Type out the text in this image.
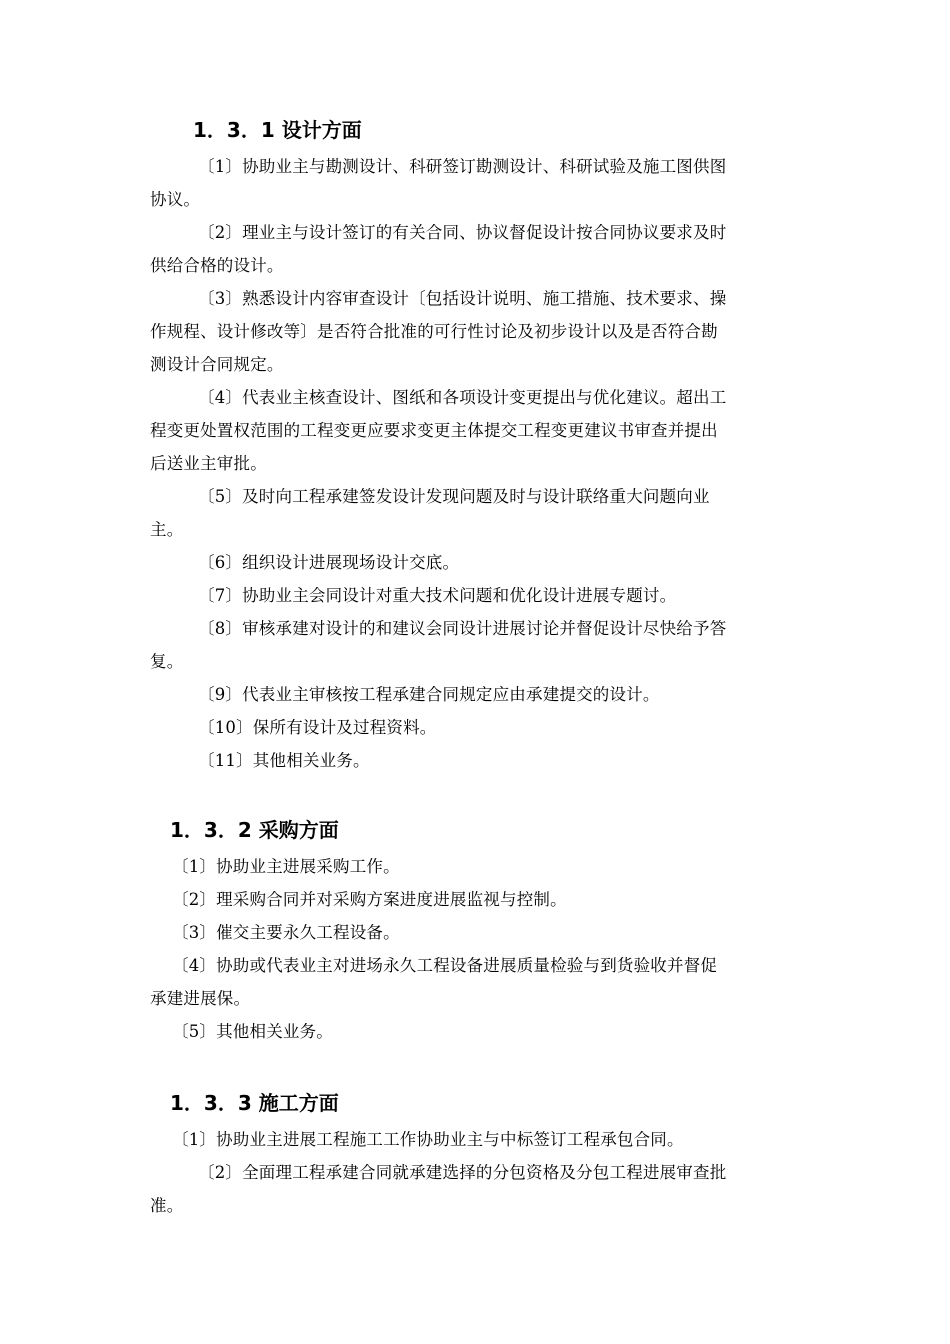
1．3．1 设计方面

〔1〕协助业主与勘测设计、科研签订勘测设计、科研试验及施工图供图

协议。

〔2〕理业主与设计签订的有关合同、协议督促设计按合同协议要求及时

供给合格的设计。

〔3〕熟悉设计内容审查设计〔包括设计说明、施工措施、技术要求、操

作规程、设计修改等〕是否符合批准的可行性讨论及初步设计以及是否符合勘

测设计合同规定。

〔4〕代表业主核查设计、图纸和各项设计变更提出与优化建议。超出工

程变更处置权范围的工程变更应要求变更主体提交工程变更建议书审查并提出

后送业主审批。

〔5〕及时向工程承建签发设计发现问题及时与设计联络重大问题向业

主。

〔6〕组织设计进展现场设计交底。

〔7〕协助业主会同设计对重大技术问题和优化设计进展专题讨。

〔8〕审核承建对设计的和建议会同设计进展讨论并督促设计尽快给予答

复。

〔9〕代表业主审核按工程承建合同规定应由承建提交的设计。

〔10〕保所有设计及过程资料。

〔11〕其他相关业务。

1．3．2 采购方面

〔1〕协助业主进展采购工作。

〔2〕理采购合同并对采购方案进度进展监视与控制。

〔3〕催交主要永久工程设备。

〔4〕协助或代表业主对进场永久工程设备进展质量检验与到货验收并督促

承建进展保。

〔5〕其他相关业务。

1．3．3 施工方面

〔1〕协助业主进展工程施工工作协助业主与中标签订工程承包合同。

〔2〕全面理工程承建合同就承建选择的分包资格及分包工程进展审查批

准。
